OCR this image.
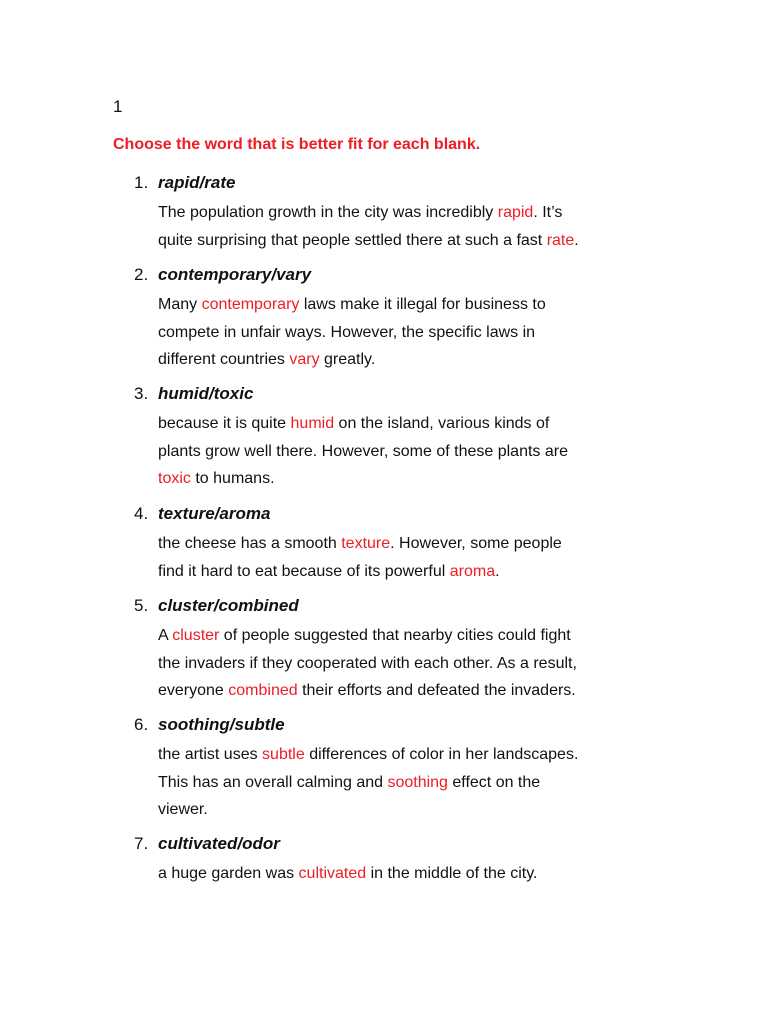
1
Choose the word that is better fit for each blank.
1. rapid/rate
The population growth in the city was incredibly rapid. It’s
quite surprising that people settled there at such a fast rate.
2. contemporary/vary
Many contemporary laws make it illegal for business to
compete in unfair ways. However, the specific laws in
different countries vary greatly.
3. humid/toxic
because it is quite humid on the island, various kinds of
plants grow well there. However, some of these plants are
toxic to humans.
4. texture/aroma
the cheese has a smooth texture. However, some people
find it hard to eat because of its powerful aroma.
5. cluster/combined
A cluster of people suggested that nearby cities could fight
the invaders if they cooperated with each other. As a result,
everyone combined their efforts and defeated the invaders.
6. soothing/subtle
the artist uses subtle differences of color in her landscapes.
This has an overall calming and soothing effect on the
viewer.
7. cultivated/odor
a huge garden was cultivated in the middle of the city.
